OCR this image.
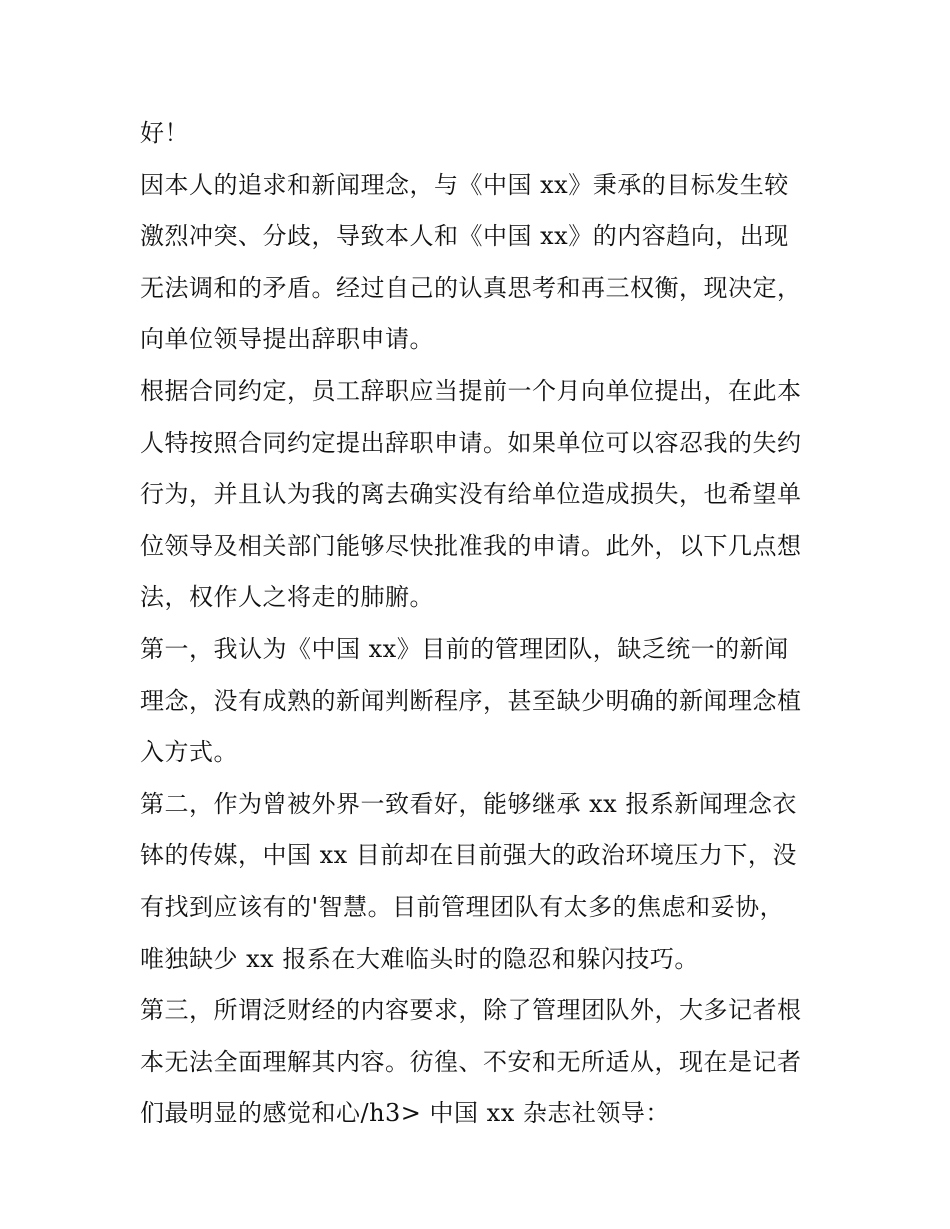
好！
因本人的追求和新闻理念，与《中国 xx》秉承的目标发生较
激烈冲突、分歧，导致本人和《中国 xx》的内容趋向，出现
无法调和的矛盾。经过自己的认真思考和再三权衡，现决定，
向单位领导提出辞职申请。
根据合同约定，员工辞职应当提前一个月向单位提出，在此本
人特按照合同约定提出辞职申请。如果单位可以容忍我的失约
行为，并且认为我的离去确实没有给单位造成损失，也希望单
位领导及相关部门能够尽快批准我的申请。此外，以下几点想
法，权作人之将走的肺腑。
第一，我认为《中国 xx》目前的管理团队，缺乏统一的新闻
理念，没有成熟的新闻判断程序，甚至缺少明确的新闻理念植
入方式。
第二，作为曾被外界一致看好，能够继承 xx 报系新闻理念衣
钵的传媒，中国 xx 目前却在目前强大的政治环境压力下，没
有找到应该有的'智慧。目前管理团队有太多的焦虑和妥协，
唯独缺少 xx 报系在大难临头时的隐忍和躲闪技巧。
第三，所谓泛财经的内容要求，除了管理团队外，大多记者根
本无法全面理解其内容。彷徨、不安和无所适从，现在是记者
们最明显的感觉和心/h3> 中国 xx 杂志社领导：
